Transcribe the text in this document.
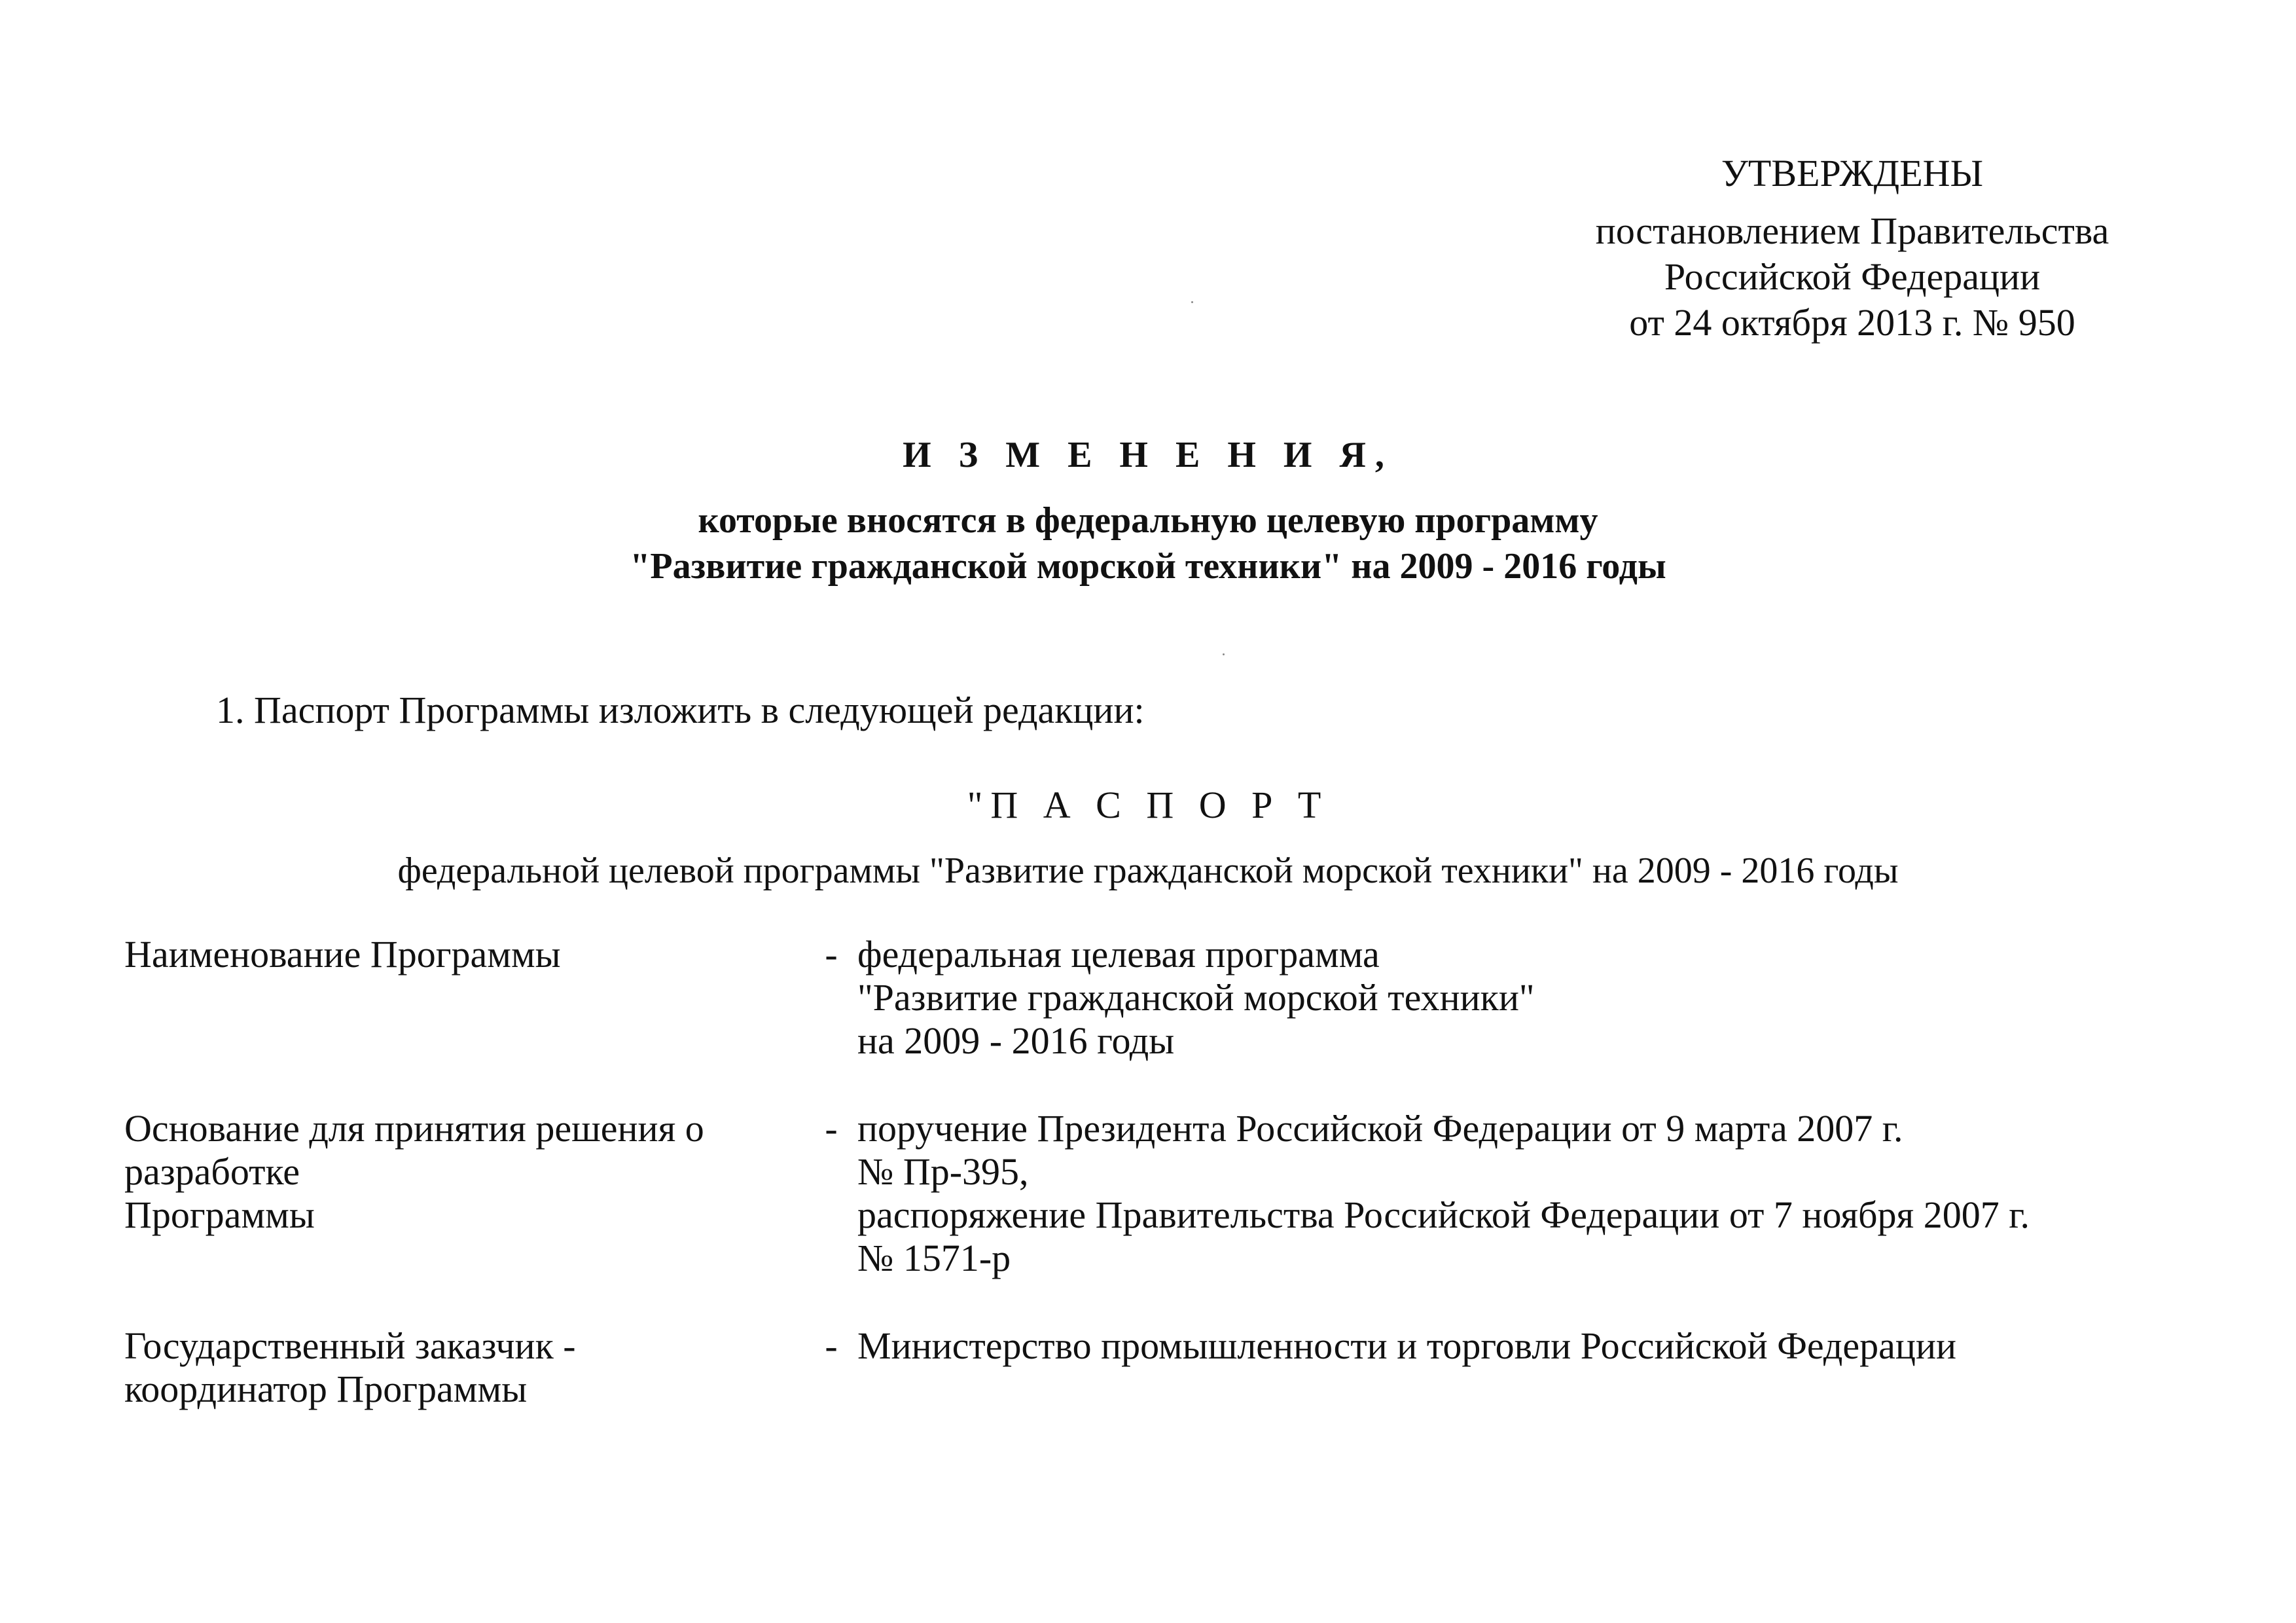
УТВЕРЖДЕНЫ
постановлением Правительства
Российской Федерации
от 24 октября 2013 г. № 950
И З М Е Н Е Н И Я,
которые вносятся в федеральную целевую программу
"Развитие гражданской морской техники" на 2009 - 2016 годы
1. Паспорт Программы изложить в следующей редакции:
"П А С П О Р Т
федеральной целевой программы "Развитие гражданской морской техники" на 2009 - 2016 годы
Наименование Программы	- федеральная целевая программа
"Развитие гражданской морской техники"
на 2009 - 2016 годы
Основание для принятия решения о
разработке
Программы
- поручение Президента Российской Федерации от 9 марта 2007 г.
№ Пр-395,
распоряжение Правительства Российской Федерации от 7 ноября 2007 г.
№ 1571-р
Государственный заказчик -
координатор Программы
- Министерство промышленности и торговли Российской Федерации
